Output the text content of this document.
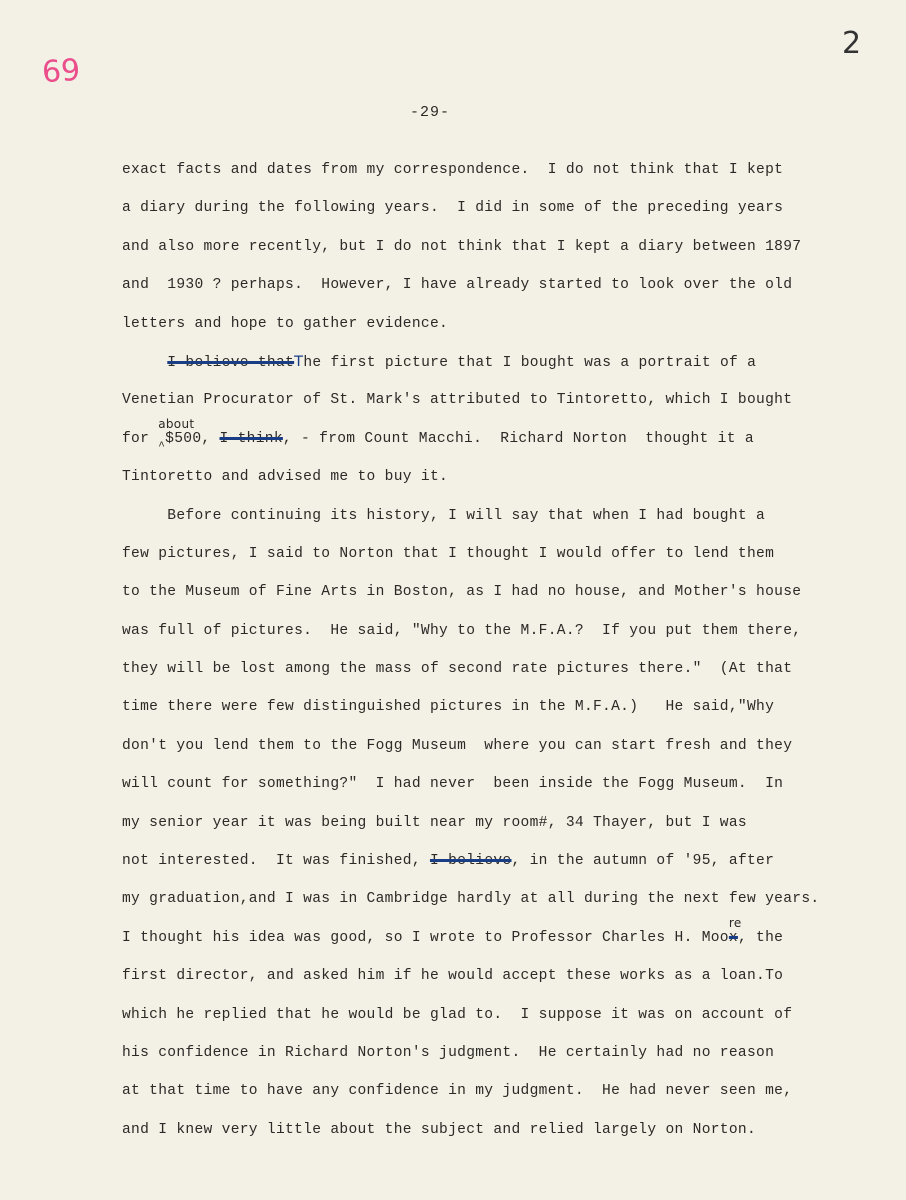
69
2
-29-
exact facts and dates from my correspondence.  I do not think that I kept
a diary during the following years.  I did in some of the preceding years
and also more recently, but I do not think that I kept a diary between 1897
and  1930 ? perhaps.  However, I have already started to look over the old
letters and hope to gather evidence.
I believe thatThe first picture that I bought was a portrait of a
Venetian Procurator of St. Mark's attributed to Tintoretto, which I bought
for
about
$_{\^{}}$\$500, I think, - from Count Macchi.  Richard Norton  thought it a
Tintoretto and advised me to buy it.
Before continuing its history, I will say that when I had bought a
few pictures, I said to Norton that I thought I would offer to lend them
to the Museum of Fine Arts in Boston, as I had no house, and Mother's house
was full of pictures.  He said, "Why to the M.F.A.?  If you put them there,
they will be lost among the mass of second rate pictures there."  (At that
time there were few distinguished pictures in the M.F.A.)   He said,"Why
don't you lend them to the Fogg Museum  where you can start fresh and they
will count for something?"  I had never  been inside the Fogg Museum.  In
my senior year it was being built near my room#, 34 Thayer, but I was
not interested.  It was finished, I believe, in the autumn of '95, after
my graduation,and I was in Cambridge hardly at all during the next few years.
I thought his idea was good, so I wrote to Professor Charles H. Moo
re
x, the
first director, and asked him if he would accept these works as a loan.To
which he replied that he would be glad to.  I suppose it was on account of
his confidence in Richard Norton's judgment.  He certainly had no reason
at that time to have any confidence in my judgment.  He had never seen me,
and I knew very little about the subject and relied largely on Norton.
